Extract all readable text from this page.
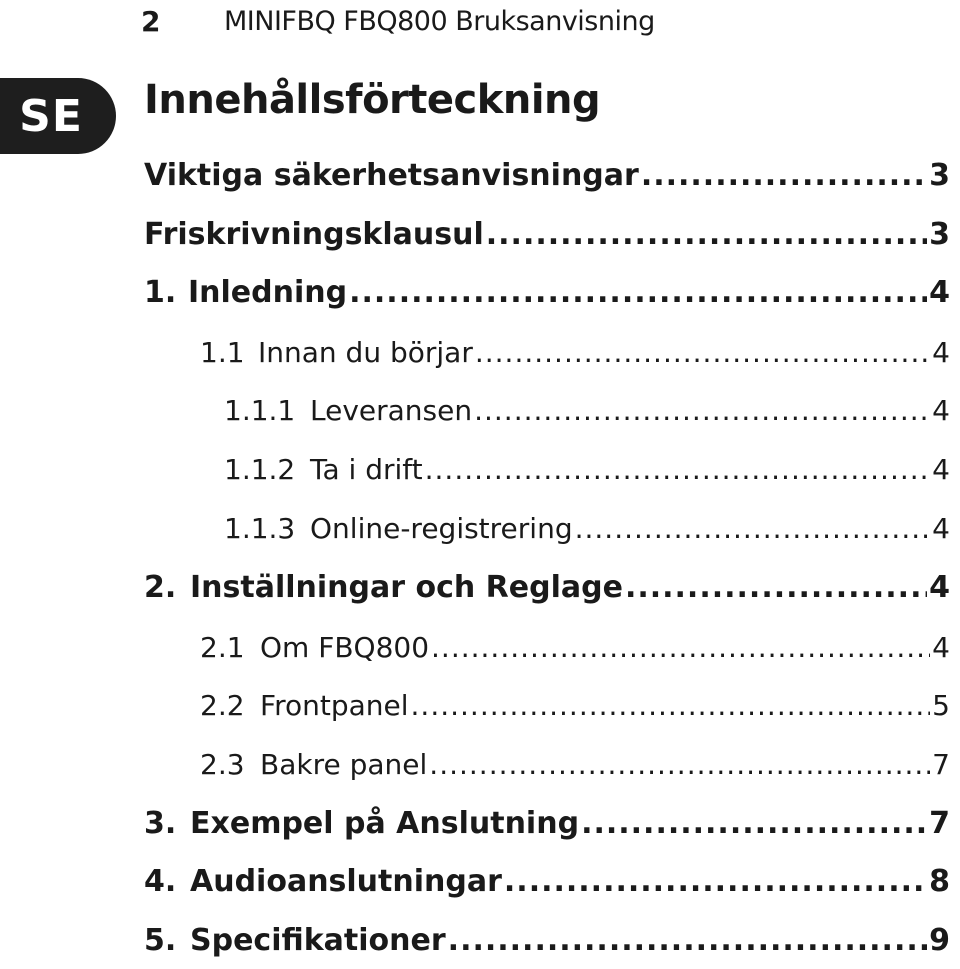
2 MINIFBQ FBQ800 Bruksanvisning
SE Innehållsförteckning
Viktiga säkerhetsanvisningar .....	3
Friskrivningsklausul .....	3
1. Inledning .....	4
1.1 Innan du börjar .....	4
1.1.1 Leveransen .....	4
1.1.2 Ta i drift .....	4
1.1.3 Online-registrering .....	4
2. Inställningar och Reglage .....	4
2.1 Om FBQ800 .....	4
2.2 Frontpanel .....	5
2.3 Bakre panel .....	7
3. Exempel på Anslutning .....	7
4. Audioanslutningar .....	8
5. Specifikationer .....	9
